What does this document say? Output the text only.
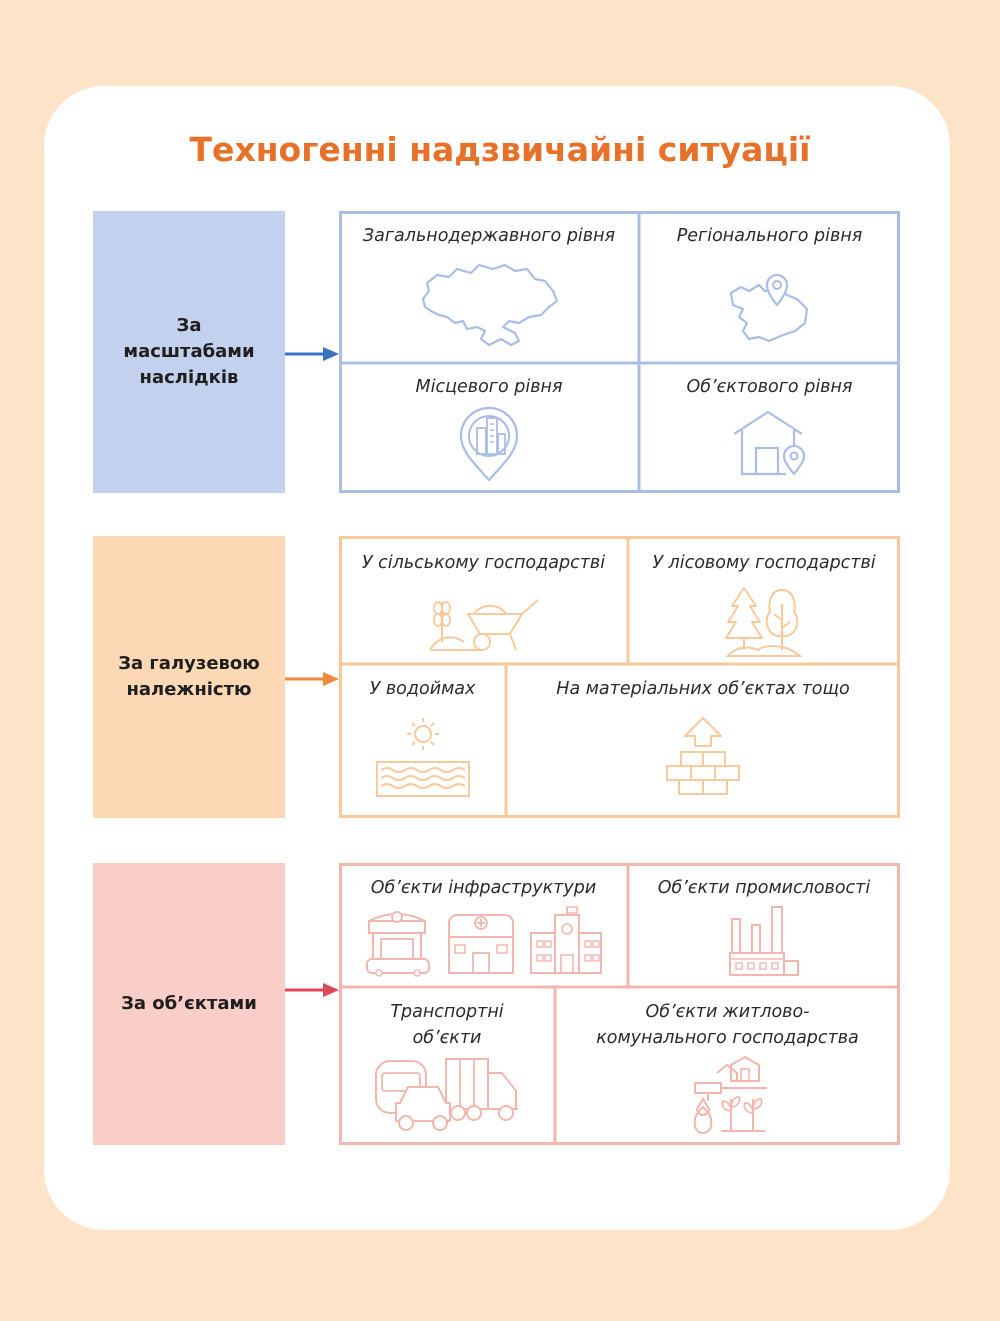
Техногенні надзвичайні ситуації
За масштабами наслідків
Загальнодержавного рівня	Регіонального рівня
Місцевого рівня	Об’єктового рівня
За галузевою належністю
У сільському господарстві	У лісовому господарстві
У водоймах	На матеріальних об’єктах тощо
За об’єктами
Об’єкти інфраструктури	Об’єкти промисловості
Транспортні
об’єкти
Об’єкти житлово-
комунального господарства
